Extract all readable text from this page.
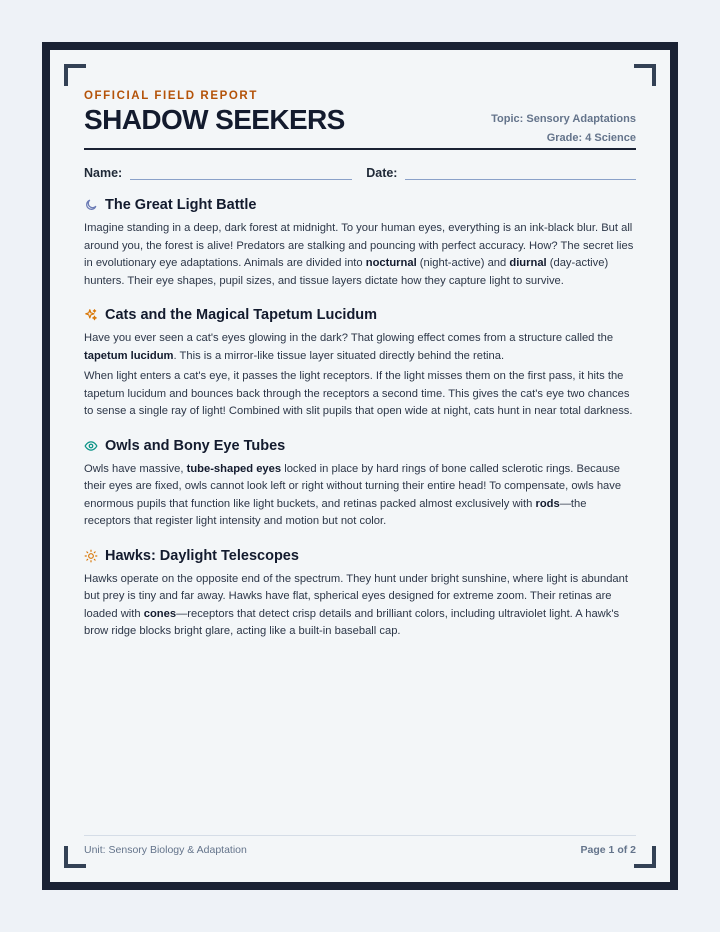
OFFICIAL FIELD REPORT
SHADOW SEEKERS	Topic: Sensory Adaptations
Grade: 4 Science
Name:	Date:
The Great Light Battle

Imagine standing in a deep, dark forest at midnight. To your human eyes, everything is an ink-black blur. But all around you, the forest is alive! Predators are stalking and pouncing with perfect accuracy. How? The secret lies in evolutionary eye adaptations. Animals are divided into nocturnal (night-active) and diurnal (day-active) hunters. Their eye shapes, pupil sizes, and tissue layers dictate how they capture light to survive.

Cats and the Magical Tapetum Lucidum

Have you ever seen a cat's eyes glowing in the dark? That glowing effect comes from a structure called the tapetum lucidum. This is a mirror-like tissue layer situated directly behind the retina.

When light enters a cat's eye, it passes the light receptors. If the light misses them on the first pass, it hits the tapetum lucidum and bounces back through the receptors a second time. This gives the cat's eye two chances to sense a single ray of light! Combined with slit pupils that open wide at night, cats hunt in near total darkness.

Owls and Bony Eye Tubes

Owls have massive, tube-shaped eyes locked in place by hard rings of bone called sclerotic rings. Because their eyes are fixed, owls cannot look left or right without turning their entire head! To compensate, owls have enormous pupils that function like light buckets, and retinas packed almost exclusively with rods—the receptors that register light intensity and motion but not color.

Hawks: Daylight Telescopes

Hawks operate on the opposite end of the spectrum. They hunt under bright sunshine, where light is abundant but prey is tiny and far away. Hawks have flat, spherical eyes designed for extreme zoom. Their retinas are loaded with cones—receptors that detect crisp details and brilliant colors, including ultraviolet light. A hawk's brow ridge blocks bright glare, acting like a built-in baseball cap.

Unit: Sensory Biology & Adaptation	Page 1 of 2
